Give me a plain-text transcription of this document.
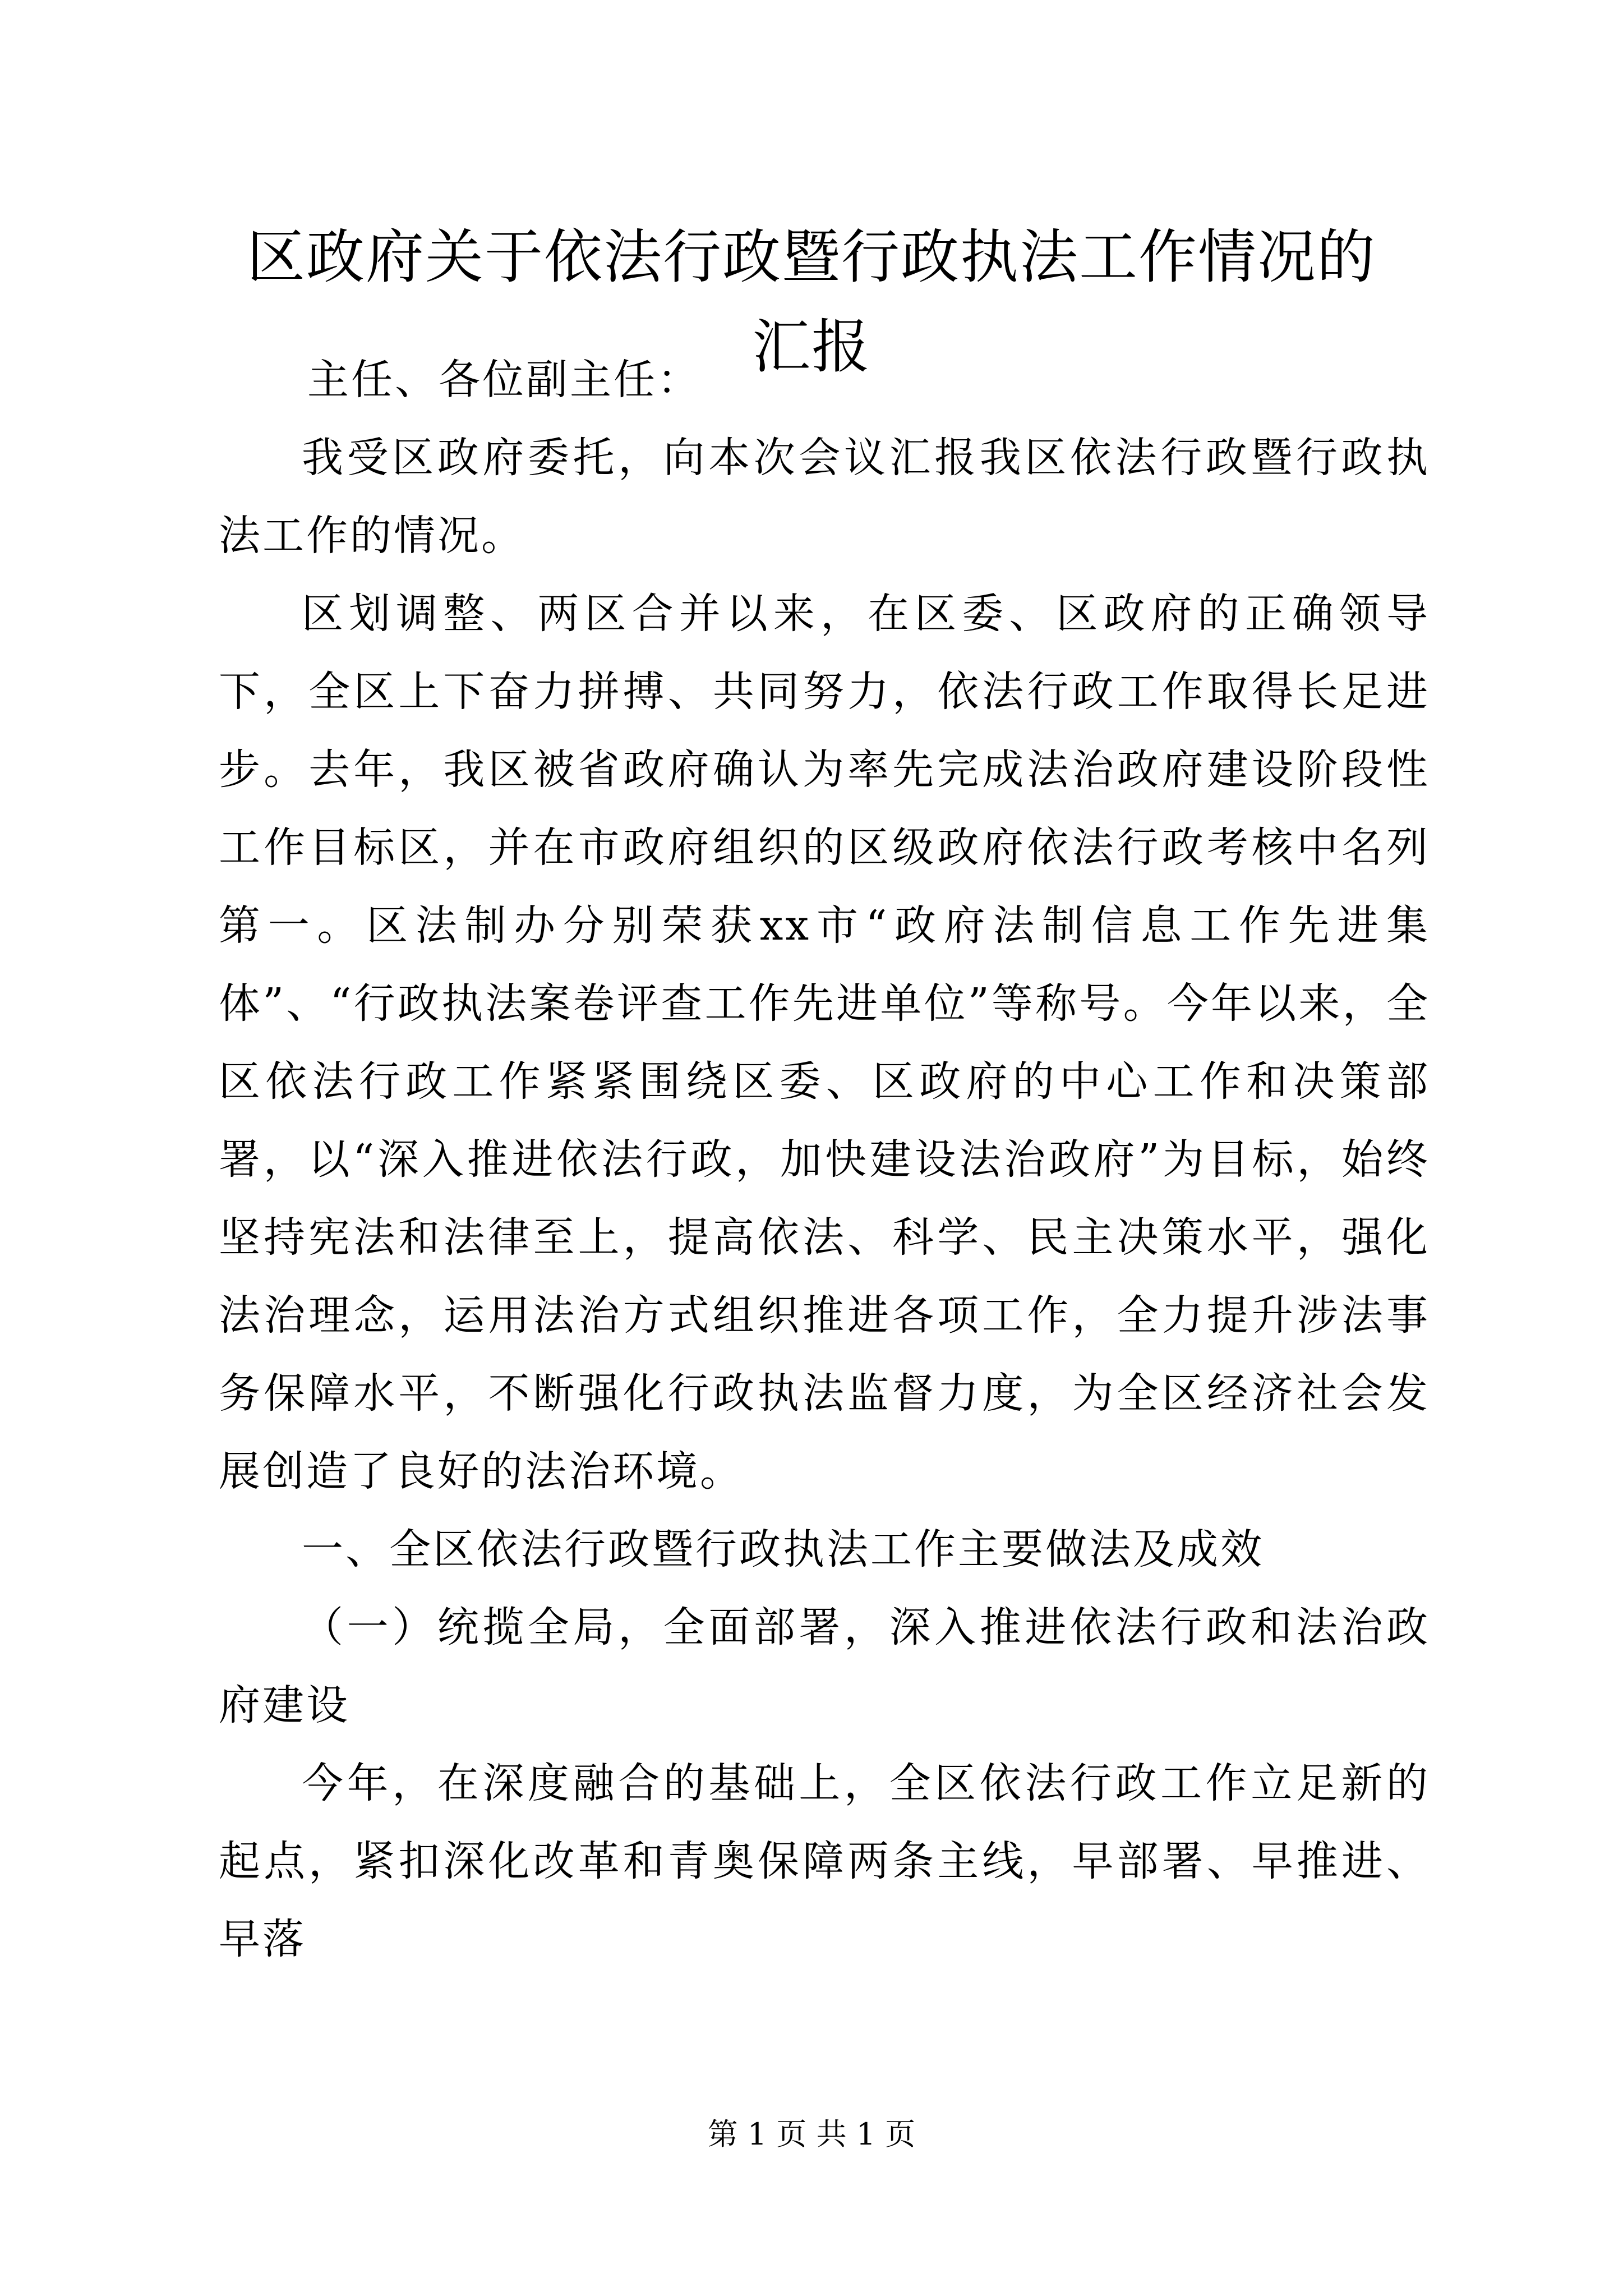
区政府关于依法行政暨行政执法工作情况的汇报

主任、各位副主任：

我受区政府委托，向本次会议汇报我区依法行政暨行政执法工作的情况。

区划调整、两区合并以来，在区委、区政府的正确领导下，全区上下奋力拼搏、共同努力，依法行政工作取得长足进步。去年，我区被省政府确认为率先完成法治政府建设阶段性工作目标区，并在市政府组织的区级政府依法行政考核中名列第一。区法制办分别荣获xx市“政府法制信息工作先进集体”、“行政执法案卷评查工作先进单位”等称号。今年以来，全区依法行政工作紧紧围绕区委、区政府的中心工作和决策部署，以“深入推进依法行政，加快建设法治政府”为目标，始终坚持宪法和法律至上，提高依法、科学、民主决策水平，强化法治理念，运用法治方式组织推进各项工作，全力提升涉法事务保障水平，不断强化行政执法监督力度，为全区经济社会发展创造了良好的法治环境。

一、全区依法行政暨行政执法工作主要做法及成效

（一）统揽全局，全面部署，深入推进依法行政和法治政府建设

今年，在深度融合的基础上，全区依法行政工作立足新的起点，紧扣深化改革和青奥保障两条主线，早部署、早推进、早落

第 1 页 共 1 页
